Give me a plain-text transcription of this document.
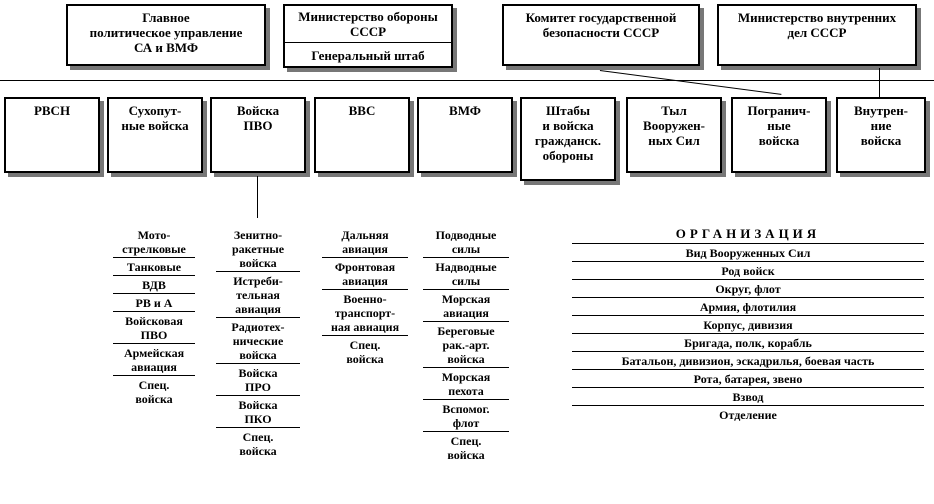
Главное
политическое управление
СА и ВМФ
Министерство обороны
СССР
Генеральный штаб
Комитет государственной
безопасности СССР
Министерство внутренних
дел СССР
РВСН	Сухопут-
ные войска
Войска
ПВО
ВВС	ВМФ	Штабы
и войска
гражданск.
обороны
Тыл
Вооружен-
ных Сил
Погранич-
ные
войска
Внутрен-
ние
войска
Мото-
стрелковые
Танковые
ВДВ
РВ и А
Войсковая
ПВО
Армейская
авиация
Спец.
войска
Зенитно-
ракетные
войска
Истреби-
тельная
авиация
Радиотех-
нические
войска
Войска
ПРО
Войска
ПКО
Спец.
войска
Дальняя
авиация
Фронтовая
авиация
Военно-
транспорт-
ная авиация
Спец.
войска
Подводные
силы
Надводные
силы
Морская
авиация
Береговые
рак.-арт.
войска
Морская
пехота
Вспомог.
флот
Спец.
войска
ОРГАНИЗАЦИЯ
Вид Вооруженных Сил
Род войск
Округ, флот
Армия, флотилия
Корпус, дивизия
Бригада, полк, корабль
Батальон, дивизион, эскадрилья, боевая часть
Рота, батарея, звено
Взвод
Отделение
